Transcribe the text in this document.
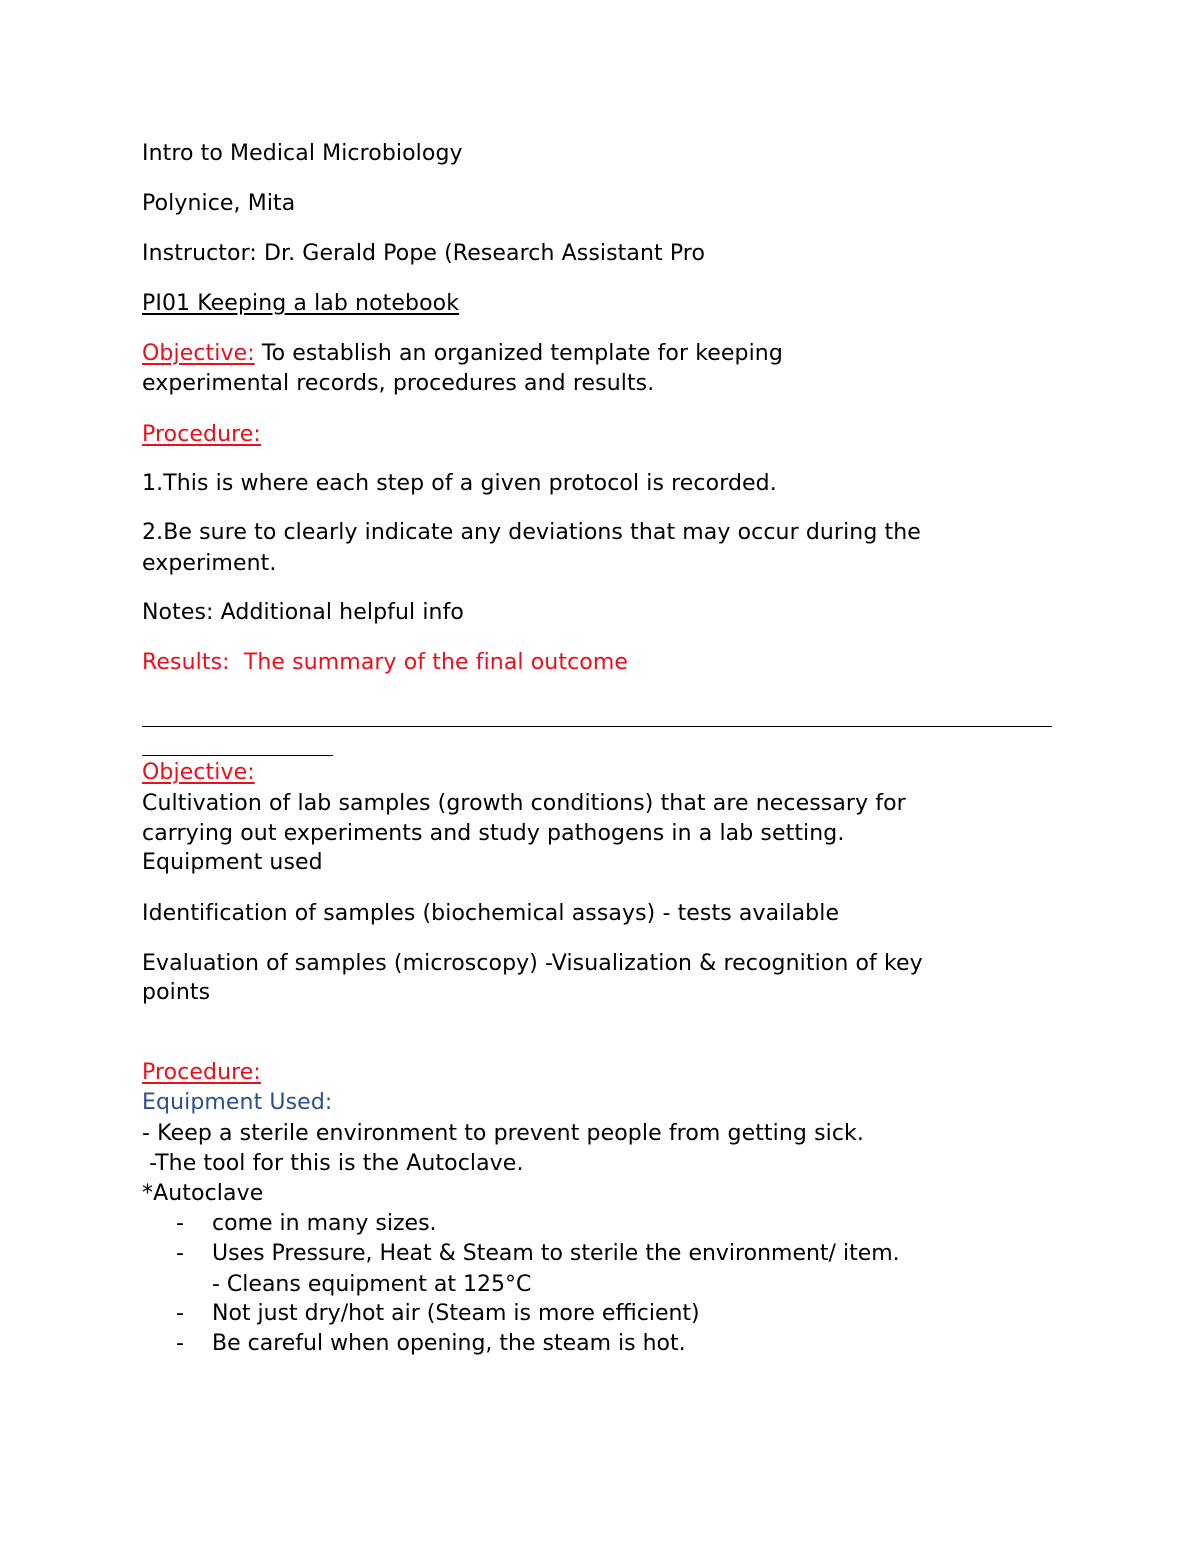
Intro to Medical Microbiology
Polynice, Mita
Instructor: Dr. Gerald Pope (Research Assistant Pro
PI01 Keeping a lab notebook
Objective: To establish an organized template for keeping
experimental records, procedures and results.
Procedure:
1.This is where each step of a given protocol is recorded.
2.Be sure to clearly indicate any deviations that may occur during the
experiment.
Notes: Additional helpful info
Results:  The summary of the final outcome
Objective:
Cultivation of lab samples (growth conditions) that are necessary for
carrying out experiments and study pathogens in a lab setting.
Equipment used
Identification of samples (biochemical assays) - tests available
Evaluation of samples (microscopy) -Visualization & recognition of key
points
Procedure:
Equipment Used:
- Keep a sterile environment to prevent people from getting sick.
-The tool for this is the Autoclave.
*Autoclave
- come in many sizes.
- Uses Pressure, Heat & Steam to sterile the environment/ item.
- Cleans equipment at 125°C
- Not just dry/hot air (Steam is more efficient)
- Be careful when opening, the steam is hot.
